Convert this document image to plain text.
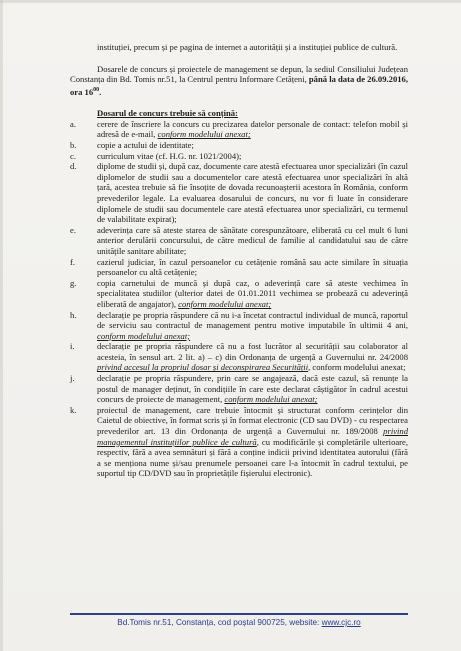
instituției, precum și pe pagina de internet a autorității și a instituției publice de cultură.

Dosarele de concurs și proiectele de management se depun, la sediul Consiliului Județean Constanța din Bd. Tomis nr.51, la Centrul pentru Informare Cetățeni, până la data de 26.09.2016, ora $16^{00}$.

Dosarul de concurs trebuie să conțină:

a.	cerere de înscriere la concurs cu precizarea datelor personale de contact: telefon mobil și adresă de e-mail, conform modelului anexat;
b.	copie a actului de identitate;
c.	curriculum vitae (cf. H.G. nr. 1021/2004);
d.	diplome de studii și, după caz, documente care atestă efectuarea unor specializări (în cazul diplomelor de studii sau a documentelor care atestă efectuarea unor specializări în altă țară, acestea trebuie să fie însoțite de dovada recunoașterii acestora în România, conform prevederilor legale. La evaluarea dosarului de concurs, nu vor fi luate în considerare diplomele de studii sau documentele care atestă efectuarea unor specializări, cu termenul de valabilitate expirat);
e.	adeverința care să ateste starea de sănătate corespunzătoare, eliberată cu cel mult 6 luni anterior derulării concursului, de către medicul de familie al candidatului sau de către unitățile sanitare abilitate;
f.	cazierul judiciar, în cazul persoanelor cu cetățenie română sau acte similare în situația persoanelor cu altă cetățenie;
g.	copia carnetului de muncă și după caz, o adeverință care să ateste vechimea în specialitatea studiilor (ulterior datei de 01.01.2011 vechimea se probează cu adeverință eliberată de angajator), conform modelului anexat;
h.	declarație pe propria răspundere că nu i-a încetat contractul individual de muncă, raportul de serviciu sau contractul de management pentru motive imputabile în ultimii 4 ani, conform modelului anexat;
i.	declarație pe propria răspundere că nu a fost lucrător al securității sau colaborator al acesteia, în sensul art. 2 lit. a) – c) din Ordonanța de urgență a Guvernului nr. 24/2008 privind accesul la propriul dosar și deconspirarea Securității, conform modelului anexat;
j.	declarație pe propria răspundere, prin care se angajează, dacă este cazul, să renunțe la postul de manager deținut, în condițiile în care este declarat câștigător în cadrul acestui concurs de proiecte de management, conform modelului anexat;
k.	proiectul de management, care trebuie întocmit și structurat conform cerințelor din Caietul de obiective, în format scris și în format electronic (CD sau DVD) - cu respectarea prevederilor art. 13 din Ordonanța de urgență a Guvernului nr. 189/2008 privind managementul instituțiilor publice de cultură, cu modificările și completările ulterioare, respectiv, fără a avea semnături și fără a conține indicii privind identitatea autorului (fără a se menționa nume și/sau prenumele persoanei care l-a întocmit în cadrul textului, pe suportul tip CD/DVD sau în proprietățile fișierului electronic).
Bd.Tomis nr.51, Constanța, cod poștal 900725, website: www.cjc.ro
